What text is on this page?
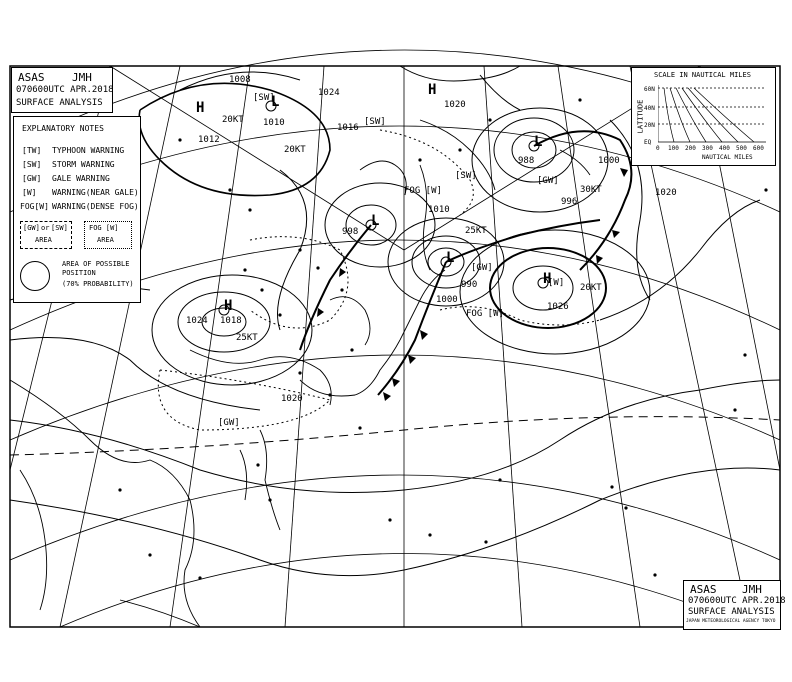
1024
1016
1012
1010
1008
1020
1010
998
988	1000
996
990
1000
1026
1020
1018
1020
1024
[SW]
20KT
20KT
[SW]
FOG [W]
[SW]
25KT
[GW]
[GW]
30KT
FOG [W]
[W] 20KT
25KT
[GW]
L
L
L
L
H
H
H
H
ASAS	JMH
070600UTC APR.2018
SURFACE ANALYSIS
EXPLANATORY NOTES
[TW] TYPHOON WARNING
[SW] STORM WARNING
[GW] GALE WARNING
[W] WARNING(NEAR GALE)
FOG[W] WARNING(DENSE FOG)
[GW] or [SW]
AREA
FOG [W]
AREA
AREA OF POSSIBLE
POSITION
(70% PROBABILITY)
SCALE IN NAUTICAL MILES
LATITUDE
60N
40N
20N
EQ
0 100 200 300 400 500 600
NAUTICAL MILES
ASAS JMH
070600UTC APR.2018
SURFACE ANALYSIS
JAPAN METEOROLOGICAL AGENCY TOKYO
